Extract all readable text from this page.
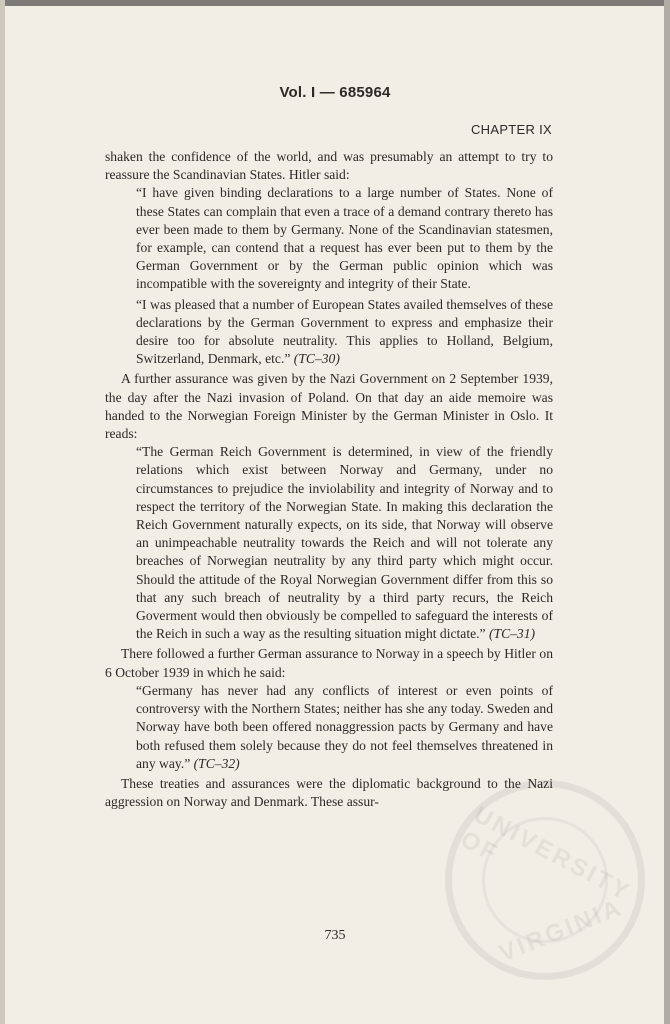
UNIVERSITY OF
VIRGINIA
Vol. I — 685964
CHAPTER IX

shaken the confidence of the world, and was presumably an attempt to try to reassure the Scandinavian States. Hitler said:

“I have given binding declarations to a large number of States. None of these States can complain that even a trace of a demand contrary thereto has ever been made to them by Germany. None of the Scandinavian statesmen, for example, can contend that a request has ever been put to them by the German Government or by the German public opinion which was incompatible with the sovereignty and integrity of their State.

“I was pleased that a number of European States availed themselves of these declarations by the German Government to express and emphasize their desire too for absolute neutrality. This applies to Holland, Belgium, Switzerland, Denmark, etc.” (TC–30)

A further assurance was given by the Nazi Government on 2 September 1939, the day after the Nazi invasion of Poland. On that day an aide memoire was handed to the Norwegian Foreign Minister by the German Minister in Oslo. It reads:

“The German Reich Government is determined, in view of the friendly relations which exist between Norway and Germany, under no circumstances to prejudice the inviolability and integrity of Norway and to respect the territory of the Norwegian State. In making this declaration the Reich Government naturally expects, on its side, that Norway will observe an unimpeachable neutrality towards the Reich and will not tolerate any breaches of Norwegian neutrality by any third party which might occur. Should the attitude of the Royal Norwegian Government differ from this so that any such breach of neutrality by a third party recurs, the Reich Goverment would then obviously be compelled to safeguard the interests of the Reich in such a way as the resulting situation might dictate.” (TC–31)

There followed a further German assurance to Norway in a speech by Hitler on 6 October 1939 in which he said:

“Germany has never had any conflicts of interest or even points of controversy with the Northern States; neither has she any today. Sweden and Norway have both been offered nonaggression pacts by Germany and have both refused them solely because they do not feel themselves threatened in any way.” (TC–32)

These treaties and assurances were the diplomatic background to the Nazi aggression on Norway and Denmark. These assur-

735
